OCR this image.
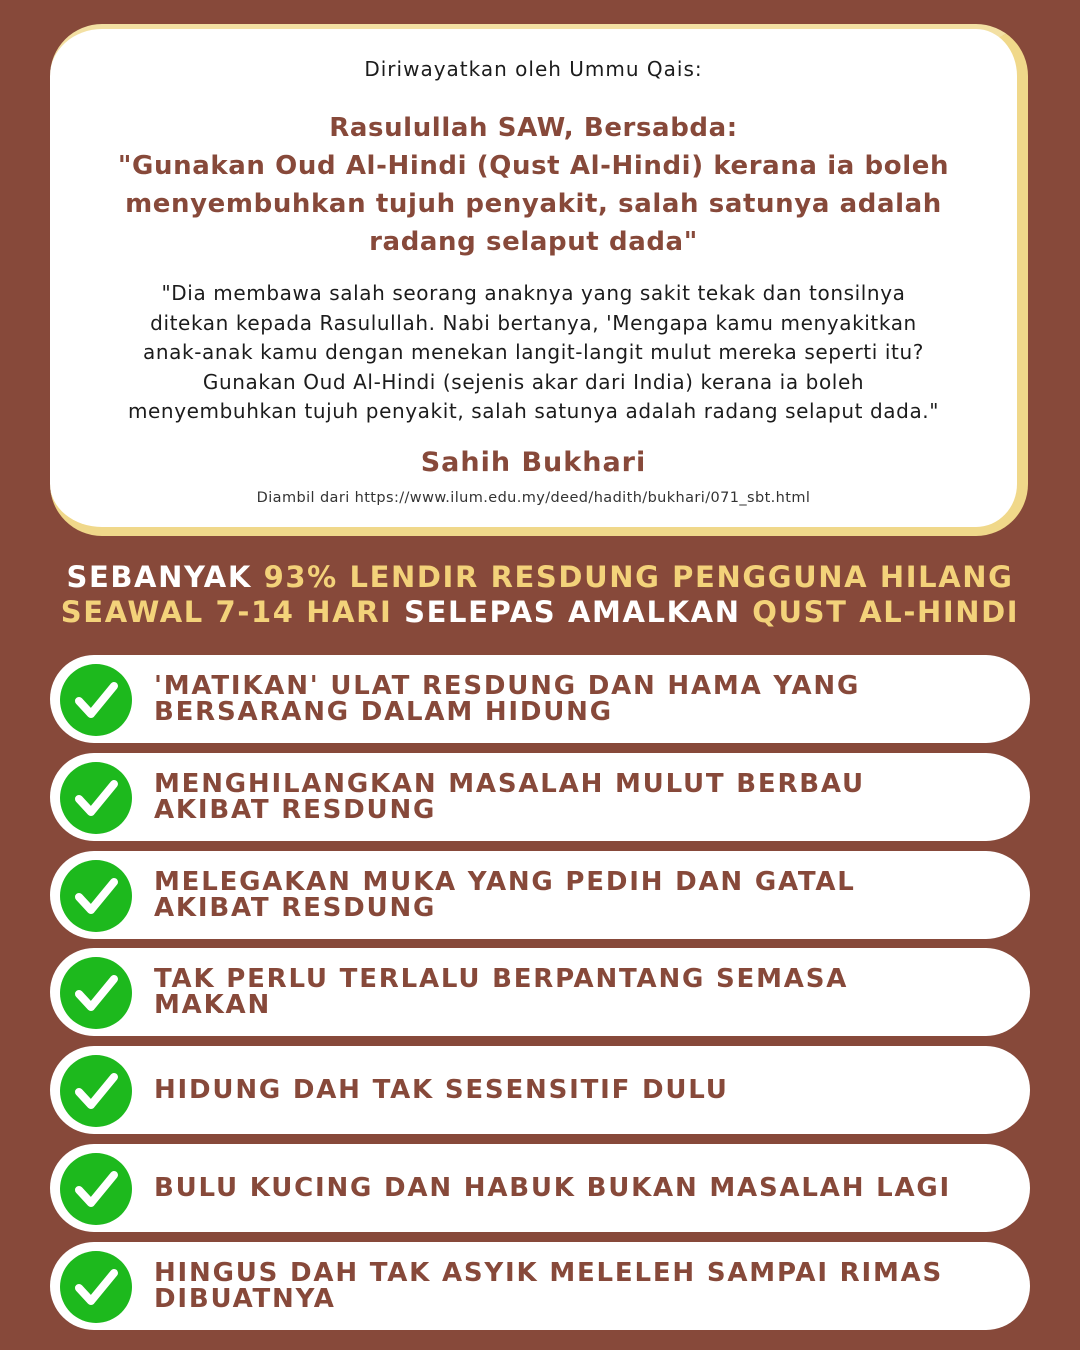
Diriwayatkan oleh Ummu Qais:
Rasulullah SAW, Bersabda:
"Gunakan Oud Al-Hindi (Qust Al-Hindi) kerana ia boleh
menyembuhkan tujuh penyakit, salah satunya adalah
radang selaput dada"
"Dia membawa salah seorang anaknya yang sakit tekak dan tonsilnya
ditekan kepada Rasulullah. Nabi bertanya, 'Mengapa kamu menyakitkan
anak-anak kamu dengan menekan langit-langit mulut mereka seperti itu?
Gunakan Oud Al-Hindi (sejenis akar dari India) kerana ia boleh
menyembuhkan tujuh penyakit, salah satunya adalah radang selaput dada."
Sahih Bukhari
Diambil dari https://www.ilum.edu.my/deed/hadith/bukhari/071_sbt.html
SEBANYAK 93% LENDIR RESDUNG PENGGUNA HILANG
SEAWAL 7-14 HARI SELEPAS AMALKAN QUST AL-HINDI
'MATIKAN' ULAT RESDUNG DAN HAMA YANG
BERSARANG DALAM HIDUNG
MENGHILANGKAN MASALAH MULUT BERBAU
AKIBAT RESDUNG
MELEGAKAN MUKA YANG PEDIH DAN GATAL
AKIBAT RESDUNG
TAK PERLU TERLALU BERPANTANG SEMASA
MAKAN
HIDUNG DAH TAK SESENSITIF DULU
BULU KUCING DAN HABUK BUKAN MASALAH LAGI
HINGUS DAH TAK ASYIK MELELEH SAMPAI RIMAS
DIBUATNYA
